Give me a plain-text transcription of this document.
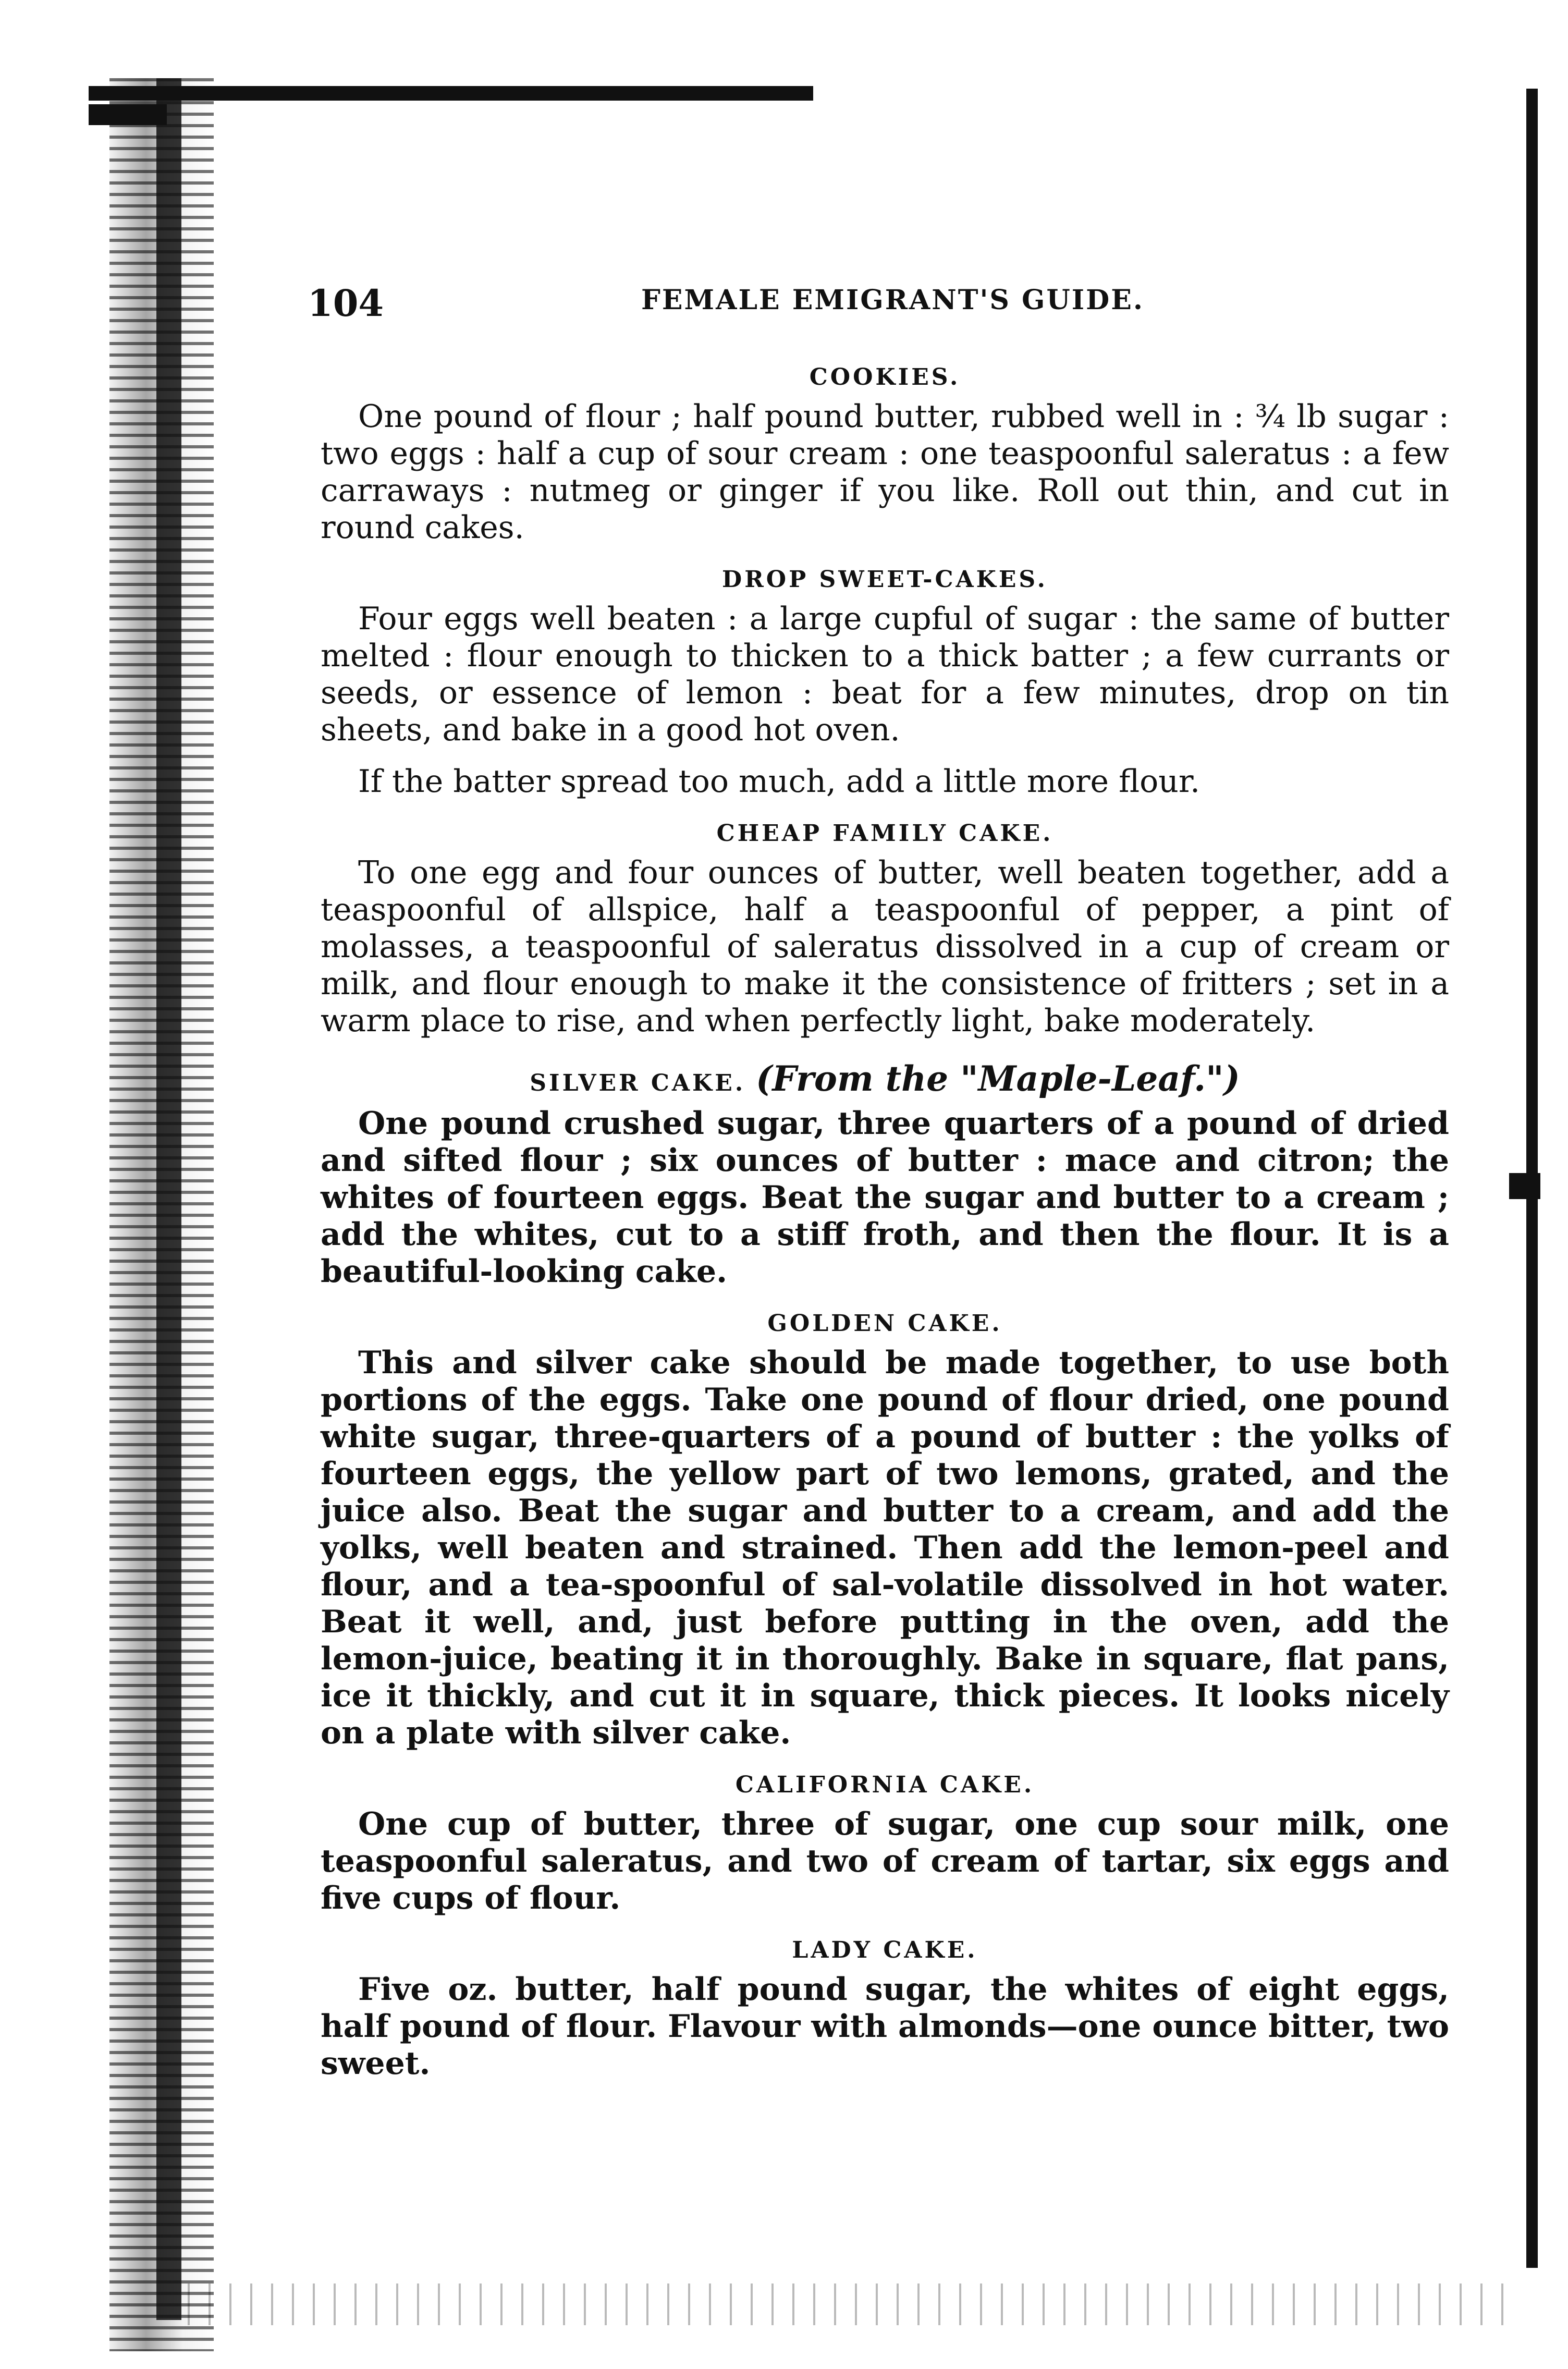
104	FEMALE EMIGRANT'S GUIDE.
COOKIES.

One pound of flour ; half pound butter, rubbed well in : ¾ lb sugar : two eggs : half a cup of sour cream : one teaspoonful saleratus : a few carraways : nutmeg or ginger if you like. Roll out thin, and cut in round cakes.

DROP SWEET-CAKES.

Four eggs well beaten : a large cupful of sugar : the same of butter melted : flour enough to thicken to a thick batter ; a few currants or seeds, or essence of lemon : beat for a few minutes, drop on tin sheets, and bake in a good hot oven.

If the batter spread too much, add a little more flour.

CHEAP FAMILY CAKE.

To one egg and four ounces of butter, well beaten together, add a teaspoonful of allspice, half a teaspoonful of pepper, a pint of molasses, a teaspoonful of saleratus dissolved in a cup of cream or milk, and flour enough to make it the consistence of fritters ; set in a warm place to rise, and when perfectly light, bake moderately.

SILVER CAKE. (From the "Maple-Leaf.")

One pound crushed sugar, three quarters of a pound of dried and sifted flour ; six ounces of butter : mace and citron; the whites of fourteen eggs. Beat the sugar and butter to a cream ; add the whites, cut to a stiff froth, and then the flour. It is a beautiful-looking cake.

GOLDEN CAKE.

This and silver cake should be made together, to use both portions of the eggs. Take one pound of flour dried, one pound white sugar, three-quarters of a pound of butter : the yolks of fourteen eggs, the yellow part of two lemons, grated, and the juice also. Beat the sugar and butter to a cream, and add the yolks, well beaten and strained. Then add the lemon-peel and flour, and a tea-spoonful of sal-volatile dissolved in hot water. Beat it well, and, just before putting in the oven, add the lemon-juice, beating it in thoroughly. Bake in square, flat pans, ice it thickly, and cut it in square, thick pieces. It looks nicely on a plate with silver cake.

CALIFORNIA CAKE.

One cup of butter, three of sugar, one cup sour milk, one teaspoonful saleratus, and two of cream of tartar, six eggs and five cups of flour.

LADY CAKE.

Five oz. butter, half pound sugar, the whites of eight eggs, half pound of flour. Flavour with almonds—one ounce bitter, two sweet.
